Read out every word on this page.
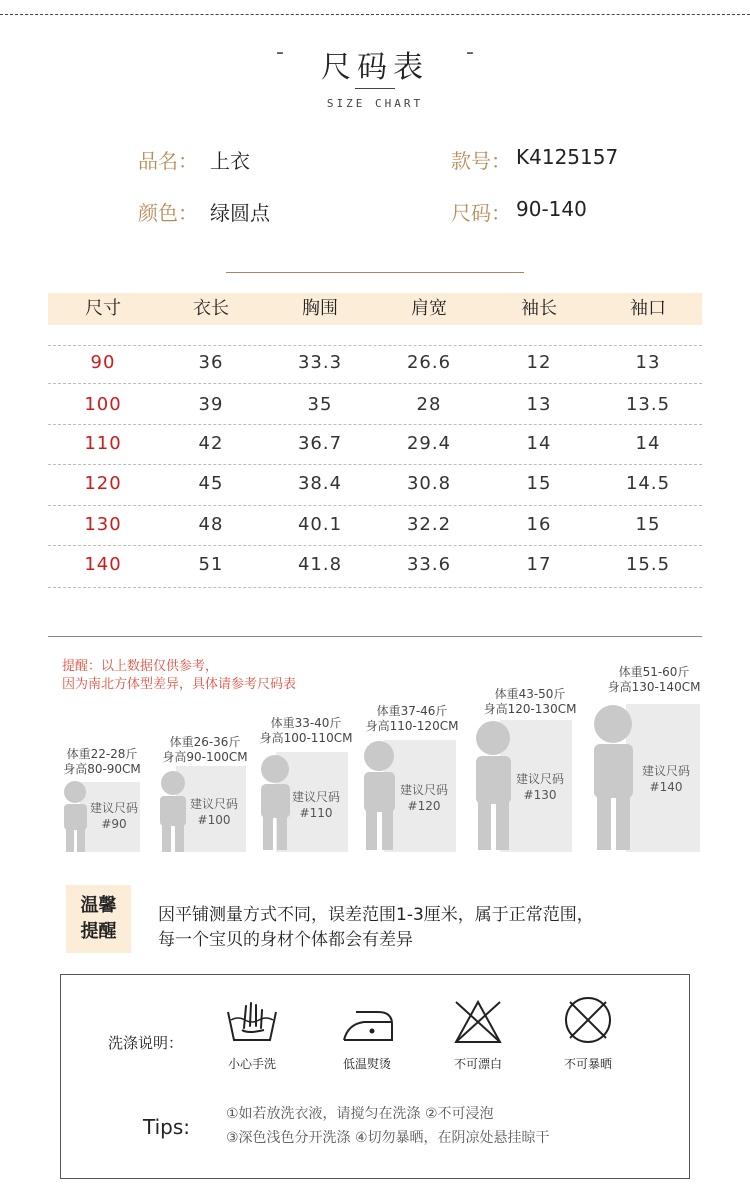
-	尺码表	-
SIZE CHART
品名： 上衣	款号： K4125157
颜色： 绿圆点	尺码： 90-140
尺寸	衣长	胸围	肩宽	袖长	袖口
90	36	33.3	26.6	12	13
100	39	35	28	13	13.5
110	42	36.7	29.4	14	14
120	45	38.4	30.8	15	14.5
130	48	40.1	32.2	16	15
140	51	41.8	33.6	17	15.5
提醒：以上数据仅供参考，
因为南北方体型差异，具体请参考尺码表
体重22-28斤
身高80-90CM
建议尺码
#90
体重26-36斤
身高90-100CM
建议尺码
#100
体重33-40斤
身高100-110CM
建议尺码
#110
体重37-46斤
身高110-120CM
建议尺码
#120
体重43-50斤
身高120-130CM
建议尺码
#130
体重51-60斤
身高130-140CM
建议尺码
#140
温馨
提醒
因平铺测量方式不同，误差范围1-3厘米，属于正常范围，
每一个宝贝的身材个体都会有差异
洗涤说明：
小心手洗	低温熨烫	不可漂白	不可暴晒
Tips:
①如若放洗衣液，请搅匀在洗涤 ②不可浸泡
③深色浅色分开洗涤 ④切勿暴晒，在阴凉处悬挂晾干
